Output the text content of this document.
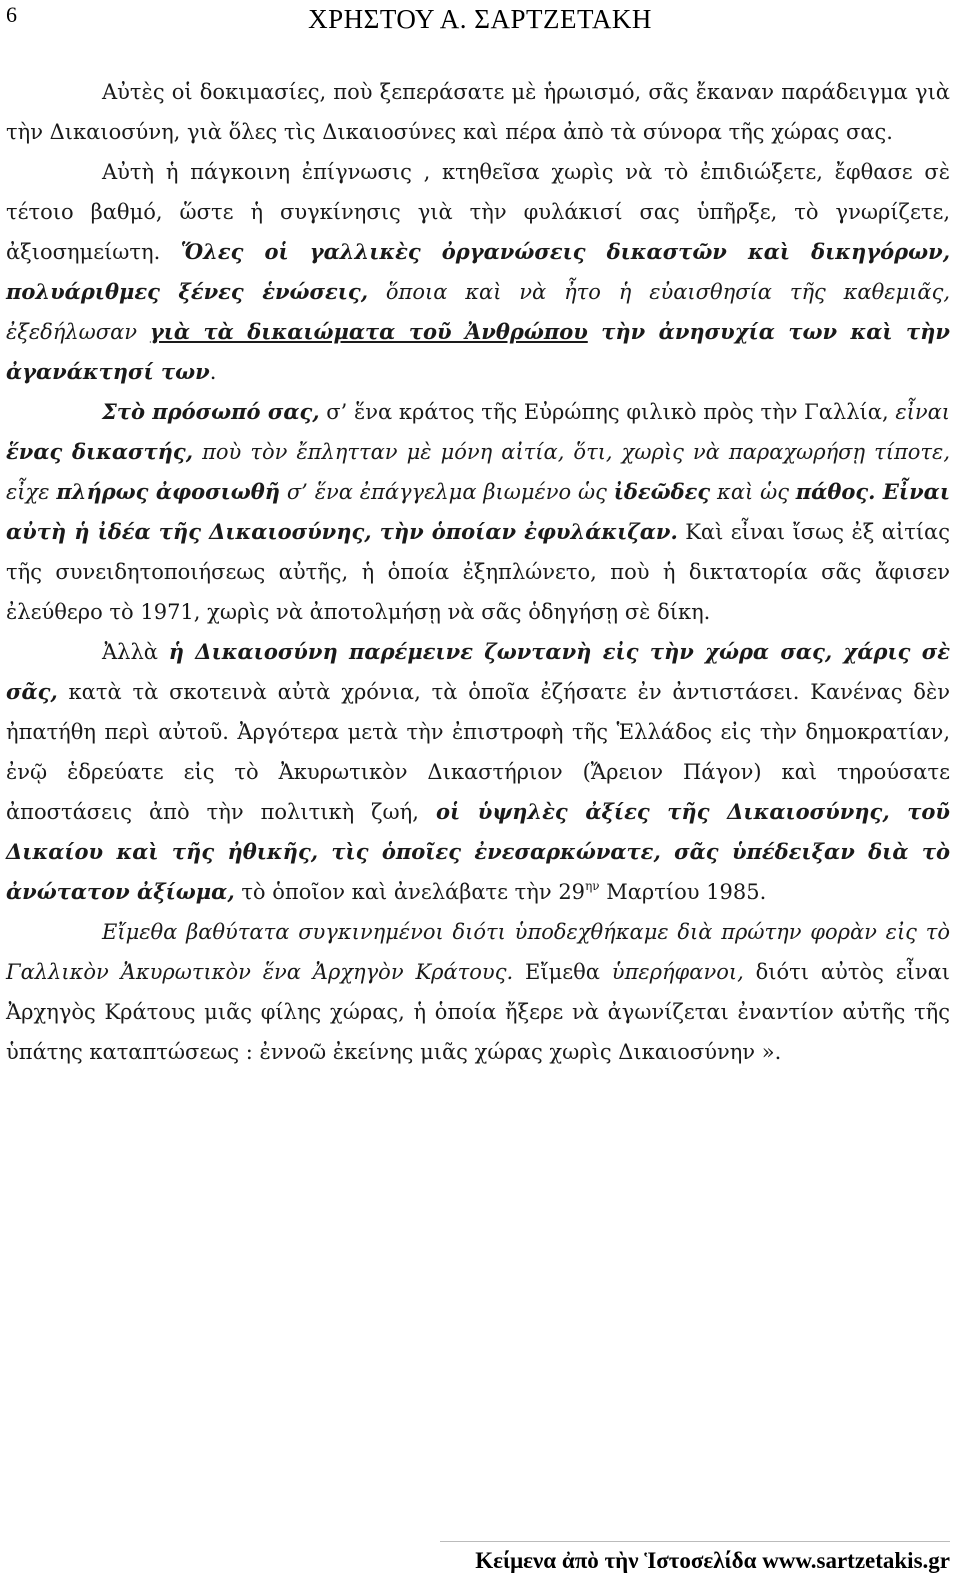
6	ΧΡΗΣΤΟΥ Α. ΣΑΡΤΖΕΤΑΚΗ

Αὐτὲς οἱ δοκιμασίες, ποὺ ξεπεράσατε μὲ ἡρωισμό, σᾶς ἔκαναν παράδειγμα γιὰ τὴν Δικαιοσύνη, γιὰ ὅλες τὶς Δικαιοσύνες καὶ πέρα ἀπὸ τὰ σύνορα τῆς χώρας σας.

Αὐτὴ ἡ πάγκοινη ἐπίγνωσις , κτηθεῖσα χωρὶς νὰ τὸ ἐπιδιώξετε, ἔφθασε σὲ τέτοιο βαθμό, ὥστε ἡ συγκίνησις γιὰ τὴν φυλάκισί σας ὑπῆρξε, τὸ γνωρίζετε, ἀξιοσημείωτη. Ὅλες οἱ γαλλικὲς ὀργανώσεις δικαστῶν καὶ δικηγόρων, πολυάριθμες ξένες ἑνώσεις, ὅποια καὶ νὰ ἦτο ἡ εὐαισθησία τῆς καθεμιᾶς, ἐξεδήλωσαν γιὰ τὰ δικαιώματα τοῦ Ἀνθρώπου τὴν ἀνησυχία των καὶ τὴν ἀγανάκτησί των.

Στὸ πρόσωπό σας, σ’ ἕνα κράτος τῆς Εὐρώπης φιλικὸ πρὸς τὴν Γαλλία, εἶναι ἕνας δικαστής, ποὺ τὸν ἔπλητταν μὲ μόνη αἰτία, ὅτι, χωρὶς νὰ παραχωρήσῃ τίποτε, εἶχε πλήρως ἀφοσιωθῆ σ’ ἕνα ἐπάγγελμα βιωμένο ὡς ἰδεῶδες καὶ ὡς πάθος. Εἶναι αὐτὴ ἡ ἰδέα τῆς Δικαιοσύνης, τὴν ὁποίαν ἐφυλάκιζαν. Καὶ εἶναι ἴσως ἐξ αἰτίας τῆς συνειδητοποιήσεως αὐτῆς, ἡ ὁποία ἐξηπλώνετο, ποὺ ἡ δικτατορία σᾶς ἄφισεν ἐλεύθερο τὸ 1971, χωρὶς νὰ ἀποτολμήσῃ νὰ σᾶς ὁδηγήσῃ σὲ δίκη.

Ἀλλὰ ἡ Δικαιοσύνη παρέμεινε ζωντανὴ εἰς τὴν χώρα σας, χάρις σὲ σᾶς, κατὰ τὰ σκοτεινὰ αὐτὰ χρόνια, τὰ ὁποῖα ἐζήσατε ἐν ἀντιστάσει. Κανένας δὲν ἠπατήθη περὶ αὐτοῦ. Ἀργότερα μετὰ τὴν ἐπιστροφὴ τῆς Ἑλλάδος εἰς τὴν δημοκρατίαν, ἐνῷ ἑδρεύατε εἰς τὸ Ἀκυρωτικὸν Δικαστήριον (Ἄρειον Πάγον) καὶ τηρούσατε ἀποστάσεις ἀπὸ τὴν πολιτικὴ ζωή, οἱ ὑψηλὲς ἀξίες τῆς Δικαιοσύνης, τοῦ Δικαίου καὶ τῆς ἠθικῆς, τὶς ὁποῖες ἐνεσαρκώνατε, σᾶς ὑπέδειξαν διὰ τὸ ἀνώτατον ἀξίωμα, τὸ ὁποῖον καὶ ἀνελάβατε τὴν $29^{\eta\nu}$ Μαρτίου 1985.

Εἴμεθα βαθύτατα συγκινημένοι διότι ὑποδεχθήκαμε διὰ πρώτην φορὰν εἰς τὸ Γαλλικὸν Ἀκυρωτικὸν ἕνα Ἀρχηγὸν Κράτους. Εἴμεθα ὑπερήφανοι, διότι αὐτὸς εἶναι Ἀρχηγὸς Κράτους μιᾶς φίλης χώρας, ἡ ὁποία ἤξερε νὰ ἀγωνίζεται ἐναντίον αὐτῆς τῆς ὑπάτης καταπτώσεως : ἐννοῶ ἐκείνης μιᾶς χώρας χωρὶς Δικαιοσύνην ».

Κείμενα ἀπὸ τὴν Ἱστοσελίδα www.sartzetakis.gr
